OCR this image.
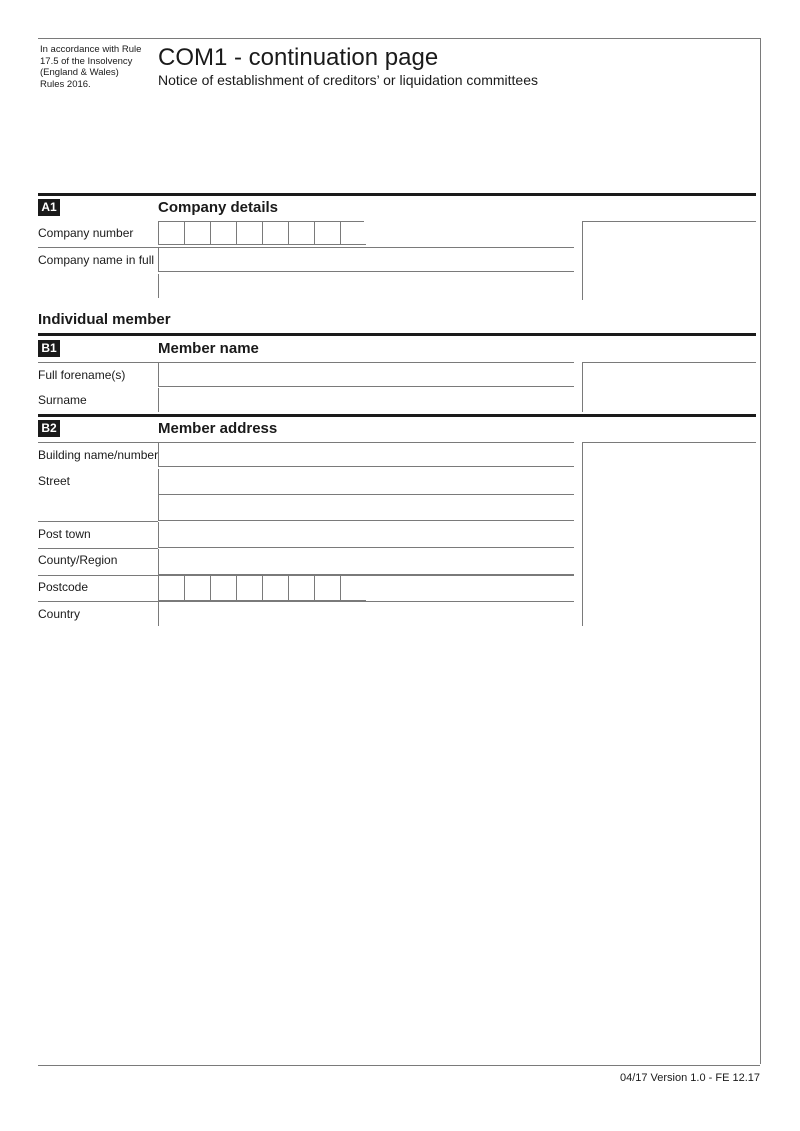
In accordance with Rule 17.5 of the Insolvency (England & Wales) Rules 2016.
COM1 - continuation page
Notice of establishment of creditors’ or liquidation committees
A1	Company details
Company number
Company name in full
Individual member
B1	Member name
Full forename(s)
Surname
B2	Member address
Building name/number
Street
Post town
County/Region
Postcode
Country
04/17 Version 1.0 - FE 12.17
